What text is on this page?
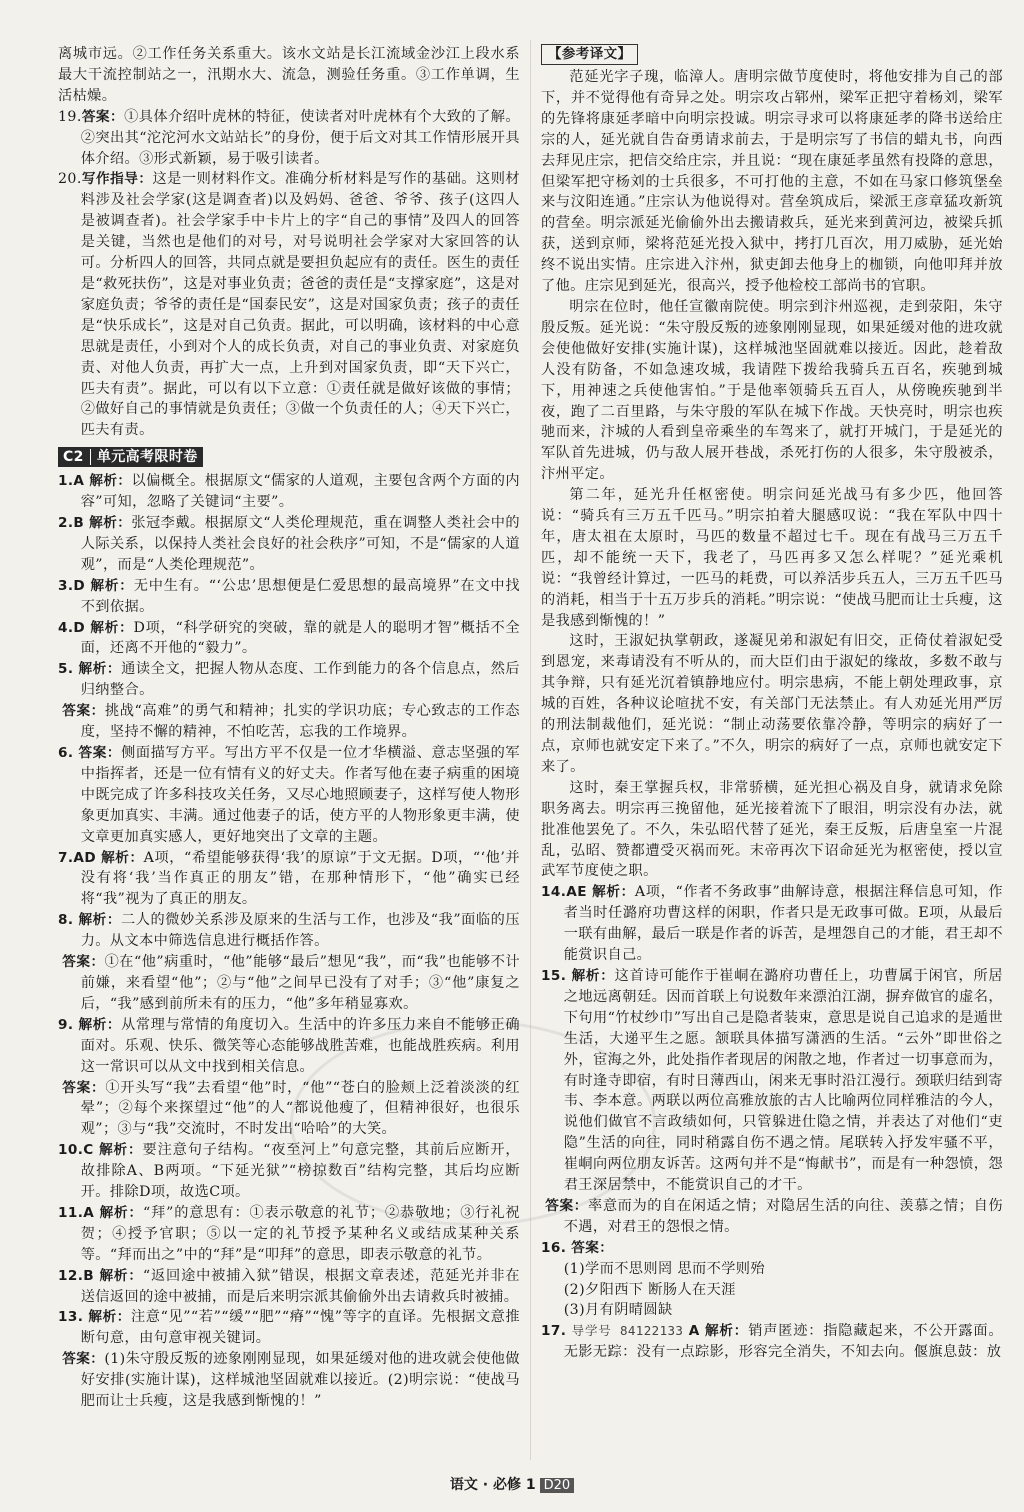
离城市远。②工作任务关系重大。该水文站是长江流域金沙江上段水系最大干流控制站之一，汛期水大、流急，测验任务重。③工作单调，生活枯燥。

19.答案：①具体介绍叶虎林的特征，使读者对叶虎林有个大致的了解。②突出其“沱沱河水文站站长”的身份，便于后文对其工作情形展开具体介绍。③形式新颖，易于吸引读者。

20.写作指导：这是一则材料作文。准确分析材料是写作的基础。这则材料涉及社会学家(这是调查者)以及妈妈、爸爸、爷爷、孩子(这四人是被调查者)。社会学家手中卡片上的字“自己的事情”及四人的回答是关键，当然也是他们的对号，对号说明社会学家对大家回答的认可。分析四人的回答，共同点就是要担负起应有的责任。医生的责任是“救死扶伤”，这是对事业负责；爸爸的责任是“支撑家庭”，这是对家庭负责；爷爷的责任是“国泰民安”，这是对国家负责；孩子的责任是“快乐成长”，这是对自己负责。据此，可以明确，该材料的中心意思就是责任，小到对个人的成长负责，对自己的事业负责、对家庭负责、对他人负责，再扩大一点，上升到对国家负责，即“天下兴亡，匹夫有责”。据此，可以有以下立意：①责任就是做好该做的事情；②做好自己的事情就是负责任；③做一个负责任的人；④天下兴亡，匹夫有责。

C2 单元高考限时卷

1.A 解析：以偏概全。根据原文“儒家的人道观，主要包含两个方面的内容”可知，忽略了关键词“主要”。

2.B 解析：张冠李戴。根据原文“人类伦理规范，重在调整人类社会中的人际关系，以保持人类社会良好的社会秩序”可知，不是“儒家的人道观”，而是“人类伦理规范”。

3.D 解析：无中生有。“‘公忠’思想便是仁爱思想的最高境界”在文中找不到依据。

4.D 解析：D项，“科学研究的突破，靠的就是人的聪明才智”概括不全面，还离不开他的“毅力”。

5. 解析：通读全文，把握人物从态度、工作到能力的各个信息点，然后归纳整合。

答案：挑战“高难”的勇气和精神；扎实的学识功底；专心致志的工作态度，坚持不懈的精神，不怕吃苦，忘我的工作境界。

6. 答案：侧面描写方平。写出方平不仅是一位才华横溢、意志坚强的军中指挥者，还是一位有情有义的好丈夫。作者写他在妻子病重的困境中既完成了许多科技攻关任务，又尽心地照顾妻子，这样写使人物形象更加真实、丰满。通过他妻子的话，使方平的人物形象更丰满，使文章更加真实感人，更好地突出了文章的主题。

7.AD 解析：A项，“希望能够获得‘我’的原谅”于文无据。D项，“‘他’并没有将‘我’当作真正的朋友”错，在那种情形下，“他”确实已经将“我”视为了真正的朋友。

8. 解析：二人的微妙关系涉及原来的生活与工作，也涉及“我”面临的压力。从文本中筛选信息进行概括作答。

答案：①在“他”病重时，“他”能够“最后”想见“我”，而“我”也能够不计前嫌，来看望“他”；②与“他”之间早已没有了对手；③“他”康复之后，“我”感到前所未有的压力，“他”多年稍显寡欢。

9. 解析：从常理与常情的角度切入。生活中的许多压力来自不能够正确面对。乐观、快乐、微笑等心态能够战胜苦难，也能战胜疾病。利用这一常识可以从文中找到相关信息。

答案：①开头写“我”去看望“他”时，“他”“苍白的脸颊上泛着淡淡的红晕”；②每个来探望过“他”的人“都说他瘦了，但精神很好，也很乐观”；③与“我”交流时，不时发出“哈哈”的大笑。

10.C 解析：要注意句子结构。“夜至河上”句意完整，其前后应断开，故排除A、B两项。“下延光狱”“榜掠数百”结构完整，其后均应断开。排除D项，故选C项。

11.A 解析：“拜”的意思有：①表示敬意的礼节；②恭敬地；③行礼祝贺；④授予官职；⑤以一定的礼节授予某种名义或结成某种关系等。“拜而出之”中的“拜”是“叩拜”的意思，即表示敬意的礼节。

12.B 解析：“返回途中被捕入狱”错误，根据文章表述，范延光并非在送信返回的途中被捕，而是后来明宗派其偷偷外出去请救兵时被捕。

13. 解析：注意“见”“若”“缓”“肥”“瘠”“愧”等字的直译。先根据文意推断句意，由句意审视关键词。

答案：(1)朱守殷反叛的迹象刚刚显现，如果延缓对他的进攻就会使他做好安排(实施计谋)，这样城池坚固就难以接近。(2)明宗说：“使战马肥而让士兵瘦，这是我感到惭愧的！”

【参考译文】

范延光字子瑰，临漳人。唐明宗做节度使时，将他安排为自己的部下，并不觉得他有奇异之处。明宗攻占郓州，梁军正把守着杨刘，梁军的先锋将康延孝暗中向明宗投诚。明宗寻求可以将康延孝的降书送给庄宗的人，延光就自告奋勇请求前去，于是明宗写了书信的蜡丸书，向西去拜见庄宗，把信交给庄宗，并且说：“现在康延孝虽然有投降的意思，但梁军把守杨刘的士兵很多，不可打他的主意，不如在马家口修筑堡垒来与汶阳连通。”庄宗认为他说得对。营垒筑成后，梁派王彦章猛攻新筑的营垒。明宗派延光偷偷外出去搬请救兵，延光来到黄河边，被梁兵抓获，送到京师，梁将范延光投入狱中，拷打几百次，用刀威胁，延光始终不说出实情。庄宗进入汴州，狱吏卸去他身上的枷锁，向他叩拜并放了他。庄宗见到延光，很高兴，授予他检校工部尚书的官职。

明宗在位时，他任宣徽南院使。明宗到汴州巡视，走到荥阳，朱守殷反叛。延光说：“朱守殷反叛的迹象刚刚显现，如果延缓对他的进攻就会使他做好安排(实施计谋)，这样城池坚固就难以接近。因此，趁着敌人没有防备，不如急速攻城，我请陛下拨给我骑兵五百名，疾驰到城下，用神速之兵使他害怕。”于是他率领骑兵五百人，从傍晚疾驰到半夜，跑了二百里路，与朱守殷的军队在城下作战。天快亮时，明宗也疾驰而来，汴城的人看到皇帝乘坐的车驾来了，就打开城门，于是延光的军队首先进城，仍与敌人展开巷战，杀死打伤的人很多，朱守殷被杀，汴州平定。

第二年，延光升任枢密使。明宗问延光战马有多少匹，他回答说：“骑兵有三万五千匹马。”明宗拍着大腿感叹说：“我在军队中四十年，唐太祖在太原时，马匹的数量不超过七千。现在有战马三万五千匹，却不能统一天下，我老了，马匹再多又怎么样呢？”延光乘机说：“我曾经计算过，一匹马的耗费，可以养活步兵五人，三万五千匹马的消耗，相当于十五万步兵的消耗。”明宗说：“使战马肥而让士兵瘦，这是我感到惭愧的！”

这时，王淑妃执掌朝政，遂凝见弟和淑妃有旧交，正倚仗着淑妃受到恩宠，来毒请没有不听从的，而大臣们由于淑妃的缘故，多数不敢与其争辩，只有延光沉着镇静地应付。明宗患病，不能上朝处理政事，京城的百姓，各种议论喧扰不安，有关部门无法禁止。有人劝延光用严厉的刑法制裁他们，延光说：“制止动荡要依靠冷静，等明宗的病好了一点，京师也就安定下来了。”不久，明宗的病好了一点，京师也就安定下来了。

这时，秦王掌握兵权，非常骄横，延光担心祸及自身，就请求免除职务离去。明宗再三挽留他，延光接着流下了眼泪，明宗没有办法，就批准他罢免了。不久，朱弘昭代替了延光，秦王反叛，后唐皇室一片混乱，弘昭、赞都遭受灭祸而死。末帝再次下诏命延光为枢密使，授以宣武军节度使之职。

14.AE 解析：A项，“作者不务政事”曲解诗意，根据注释信息可知，作者当时任潞府功曹这样的闲职，作者只是无政事可做。E项，从最后一联有曲解，最后一联是作者的诉苦，是埋怨自己的才能，君王却不能赏识自己。

15. 解析：这首诗可能作于崔峒在潞府功曹任上，功曹属于闲官，所居之地远离朝廷。因而首联上句说数年来漂泊江湖，摒弃做官的虚名，下句用“竹杖纱巾”写出自己是隐者装束，意思是说自己追求的是遁世生活，大递平生之愿。颔联具体描写潇洒的生活。“云外”即世俗之外，宦海之外，此处指作者现居的闲散之地，作者过一切事意而为，有时逢寺即宿，有时日薄西山，闲来无事时沿江漫行。颈联归结到寄韦、李本意。两联以两位高雅放旅的古人比喻两位同样雅洁的今人，说他们做官不言政绩如何，只管躲进仕隐之情，并表达了对他们“吏隐”生活的向往，同时稍露自伤不遇之情。尾联转入抒发牢骚不平，崔峒向两位朋友诉苦。这两句并不是“悔献书”，而是有一种怨愤，怨君王深居禁中，不能赏识自己的才干。

答案：率意而为的自在闲适之情；对隐居生活的向往、羡慕之情；自伤不遇，对君王的怨恨之情。

16. 答案：

(1)学而不思则罔 思而不学则殆

(2)夕阳西下 断肠人在天涯

(3)月有阴晴圆缺

17. 导学号 84122133 A 解析：销声匿迹：指隐藏起来，不公开露面。无影无踪：没有一点踪影，形容完全消失，不知去向。偃旗息鼓：放

语文 · 必修 1 D20
